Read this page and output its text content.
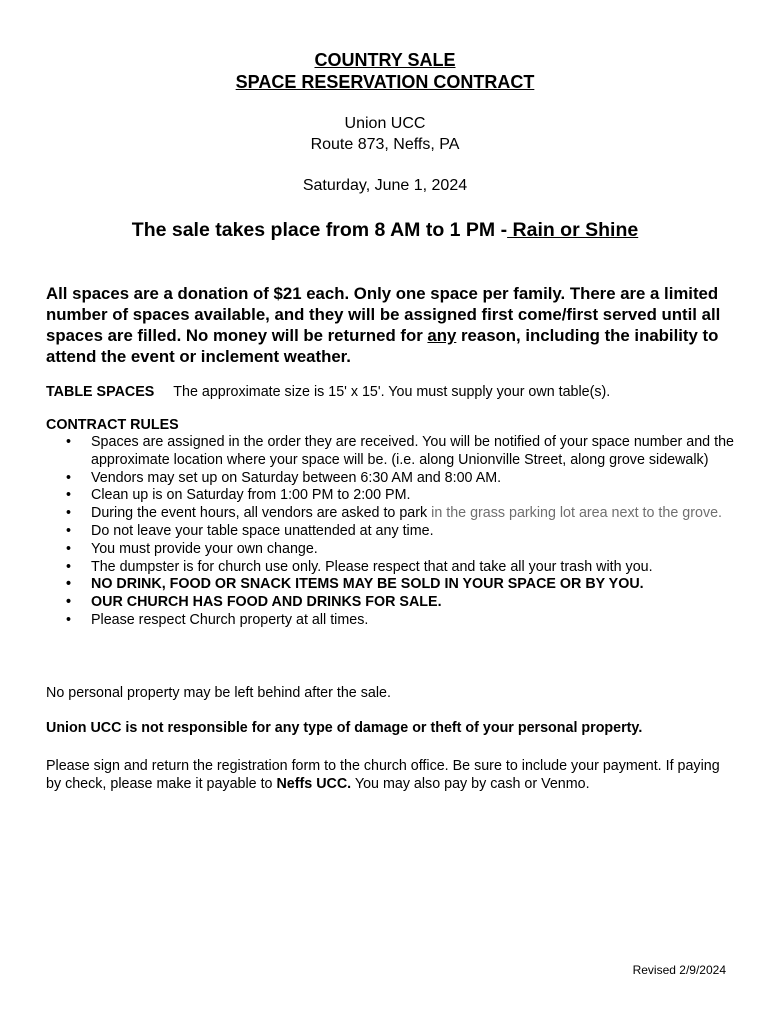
COUNTRY SALE
SPACE RESERVATION CONTRACT
Union UCC
Route 873, Neffs, PA
Saturday, June 1, 2024
The sale takes place from 8 AM to 1 PM - Rain or Shine
All spaces are a donation of $21 each. Only one space per family. There are a limited number of spaces available, and they will be assigned first come/first served until all spaces are filled. No money will be returned for any reason, including the inability to attend the event or inclement weather.
TABLE SPACES The approximate size is 15' x 15'. You must supply your own table(s).
CONTRACT RULES
• Spaces are assigned in the order they are received. You will be notified of your space number and the approximate location where your space will be. (i.e. along Unionville Street, along grove sidewalk)
• Vendors may set up on Saturday between 6:30 AM and 8:00 AM.
• Clean up is on Saturday from 1:00 PM to 2:00 PM.
• During the event hours, all vendors are asked to park in the grass parking lot area next to the grove.
• Do not leave your table space unattended at any time.
• You must provide your own change.
• The dumpster is for church use only. Please respect that and take all your trash with you.
• NO DRINK, FOOD OR SNACK ITEMS MAY BE SOLD IN YOUR SPACE OR BY YOU.
• OUR CHURCH HAS FOOD AND DRINKS FOR SALE.
• Please respect Church property at all times.
No personal property may be left behind after the sale.
Union UCC is not responsible for any type of damage or theft of your personal property.
Please sign and return the registration form to the church office. Be sure to include your payment. If paying by check, please make it payable to Neffs UCC. You may also pay by cash or Venmo.
Revised 2/9/2024
